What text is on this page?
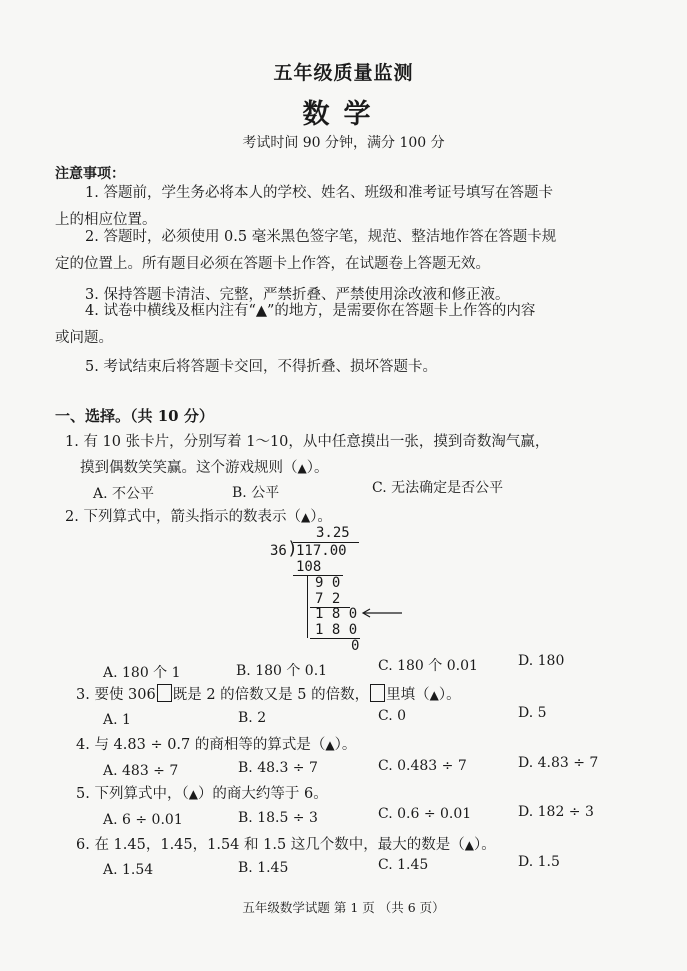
五年级质量监测
数学
考试时间 90 分钟，满分 100 分
注意事项：
1. 答题前，学生务必将本人的学校、姓名、班级和准考证号填写在答题卡
上的相应位置。
2. 答题时，必须使用 0.5 毫米黑色签字笔，规范、整洁地作答在答题卡规
定的位置上。所有题目必须在答题卡上作答，在试题卷上答题无效。
3. 保持答题卡清洁、完整，严禁折叠、严禁使用涂改液和修正液。
4. 试卷中横线及框内注有“▲”的地方，是需要你在答题卡上作答的内容
或问题。
5. 考试结束后将答题卡交回，不得折叠、损坏答题卡。
一、选择。（共 10 分）
1. 有 10 张卡片，分别写着 1～10，从中任意摸出一张，摸到奇数淘气赢，
摸到偶数笑笑赢。这个游戏规则（▲）。
A. 不公平	B. 公平	C. 无法确定是否公平
2. 下列算式中，箭头指示的数表示（▲）。
3.25
36 )
117.00
108
9 0
7 2
1 8 0
1 8 0
0
A. 180 个 1	B. 180 个 0.1	C. 180 个 0.01	D. 180
3. 要使 306 既是 2 的倍数又是 5 的倍数， 里填（▲）。
A. 1	B. 2	C. 0	D. 5
4. 与 4.83 ÷ 0.7 的商相等的算式是（▲）。
A. 483 ÷ 7	B. 48.3 ÷ 7	C. 0.483 ÷ 7	D. 4.83 ÷ 7
5. 下列算式中，（▲）的商大约等于 6。
A. 6 ÷ 0.01	B. 18.5 ÷ 3	C. 0.6 ÷ 0.01	D. 182 ÷ 3
6. 在 1.45，1.45，1.54 和 1.5 这几个数中，最大的数是（▲）。
A. 1.54	B. 1.45	C. 1.45	D. 1.5
五年级数学试题 第 1 页 （共 6 页）
